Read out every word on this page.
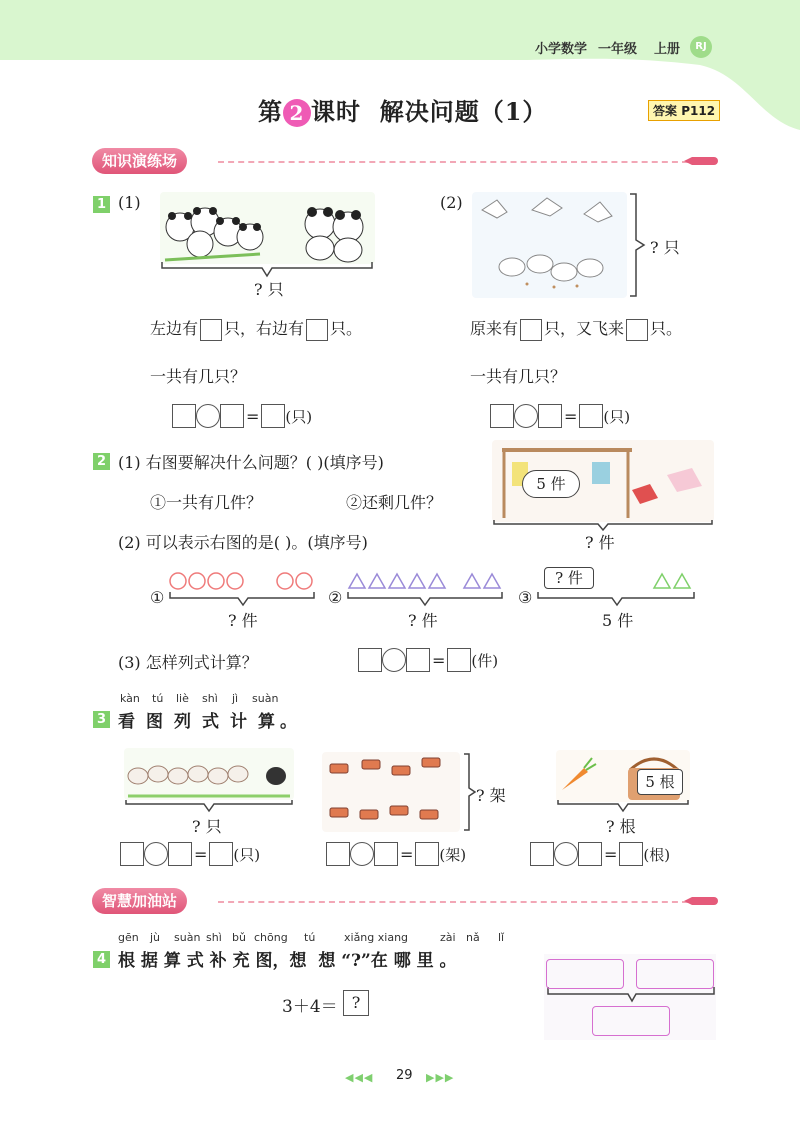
小学数学 一年级 上册	RJ
第 2 课时 解决问题（1）	答案 P112
知识演练场
1 (1)
? 只
(2)
? 只
左边有 只，右边有 只。	原来有 只，又飞来 只。
一共有几只？	一共有几只？
= (只)	= (只)
2 (1) 右图要解决什么问题？( )(填序号)
①一共有几件？	②还剩几件？
(2) 可以表示右图的是( )。(填序号)
5 件
? 件
①
? 件
②
? 件
③
? 件
5 件
(3) 怎样列式计算？	= (件)
kàn tú liè shì jì suàn
3 看 图 列 式 计 算 。
? 只
? 架
5 根
? 根
= (只)	= (架)	= (根)
智慧加油站
gēn jù suàn shì bǔ chōng tú	xiǎng xiang	zài nǎ lǐ
4 根 据 算 式 补 充 图，想  想 “?”在 哪 里 。
3＋4＝ ?
◀◀◀ 29 ▶▶▶
